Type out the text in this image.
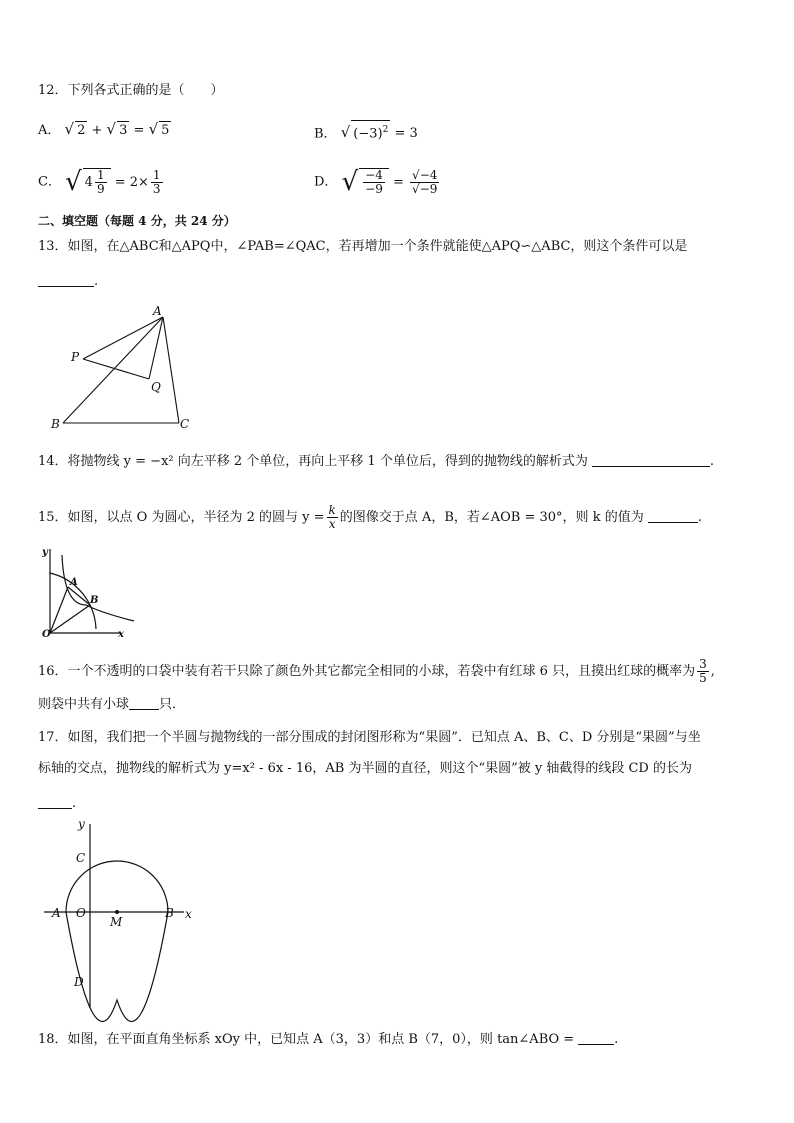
12．下列各式正确的是（　　）
A． √ 2 + √ 3 = √ 5	B． √ $(-3)^2 = 3$
C． √ $4 \frac{1}{9} = 2\times \frac{1}{3}$	D． √ $\frac{-4}{-9} = \frac{√-4}{√-9}$
二、填空题（每题 4 分，共 24 分）
13．如图，在△ABC和△APQ中，∠PAB=∠QAC，若再增加一个条件就能使△APQ∽△ABC，则这个条件可以是
.
A
P
Q
B	C
14．将抛物线 y = −x² 向左平移 2 个单位，再向上平移 1 个单位后，得到的抛物线的解析式为	.
15．如图，以点 O 为圆心，半径为 2 的圆与 $y = \frac{k}{x}$ 的图像交于点 A，B，若∠AOB = 30°，则 k 的值为	.
y
x
O
A
B
16．一个不透明的口袋中装有若干只除了颜色外其它都完全相同的小球，若袋中有红球 6 只，且摸出红球的概率为 $\frac{3}{5}$ ,
则袋中共有小球 只．
17．如图，我们把一个半圆与抛物线的一部分围成的封闭图形称为“果圆”．已知点 A、B、C、D 分别是“果圆”与坐
标轴的交点，抛物线的解析式为 y=x² - 6x - 16，AB 为半圆的直径，则这个“果圆”被 y 轴截得的线段 CD 的长为
.
y
x
C
A O
M
B
D
18．如图，在平面直角坐标系 xOy 中，已知点 A（3，3）和点 B（7，0），则 tan∠ABO =	.
